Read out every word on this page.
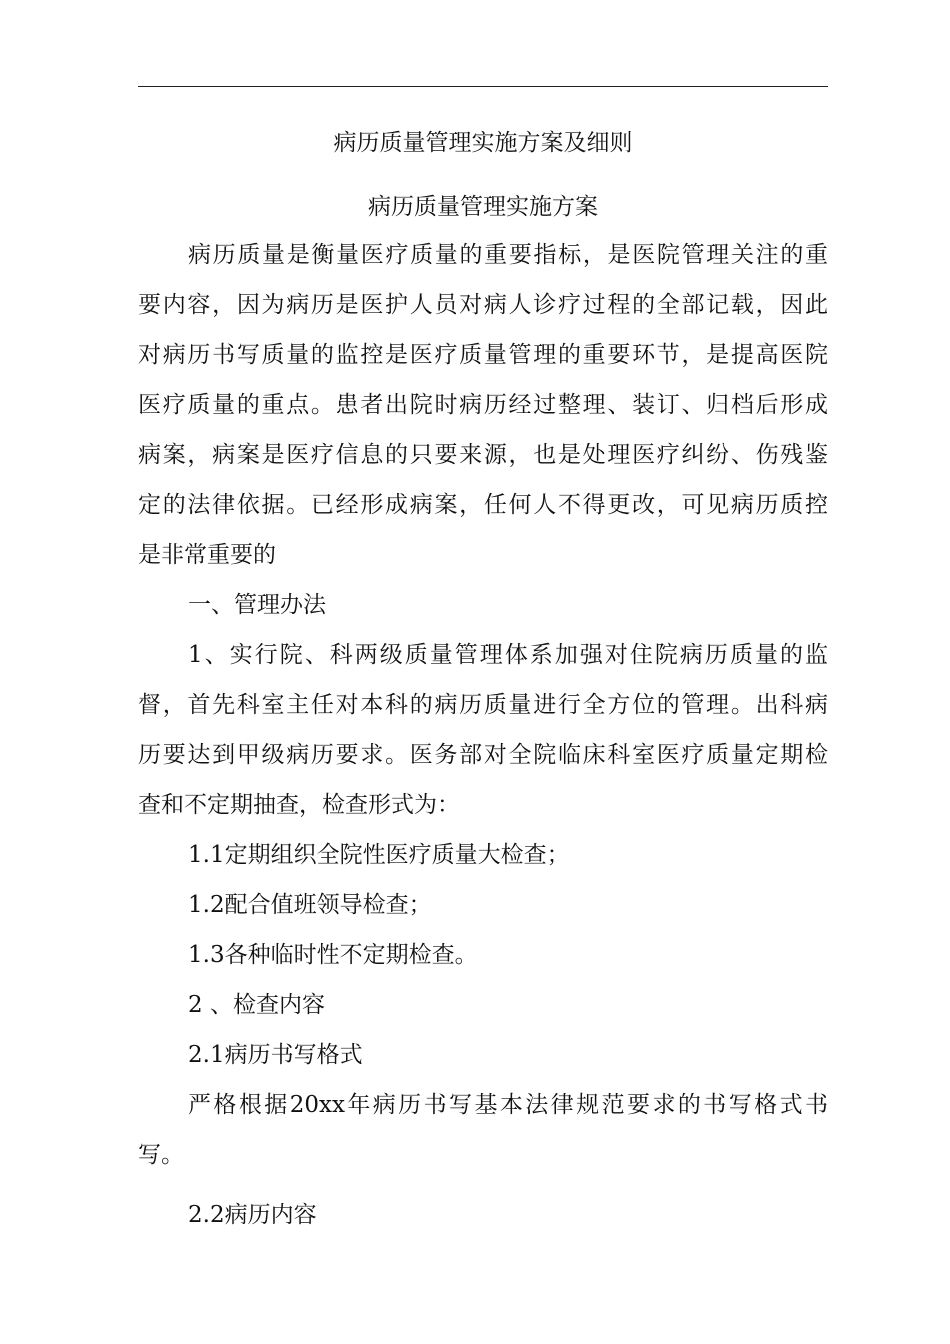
病历质量管理实施方案及细则
病历质量管理实施方案
病历质量是衡量医疗质量的重要指标，是医院管理关注的重
要内容，因为病历是医护人员对病人诊疗过程的全部记载，因此
对病历书写质量的监控是医疗质量管理的重要环节，是提高医院
医疗质量的重点。患者出院时病历经过整理、装订、归档后形成
病案，病案是医疗信息的只要来源，也是处理医疗纠纷、伤残鉴
定的法律依据。已经形成病案，任何人不得更改，可见病历质控
是非常重要的
一、管理办法
1、实行院、科两级质量管理体系加强对住院病历质量的监
督，首先科室主任对本科的病历质量进行全方位的管理。出科病
历要达到甲级病历要求。医务部对全院临床科室医疗质量定期检
查和不定期抽查，检查形式为：
1.1定期组织全院性医疗质量大检查；
1.2配合值班领导检查；
1.3各种临时性不定期检查。
2 、检查内容
2.1病历书写格式
严格根据20xx年病历书写基本法律规范要求的书写格式书
写。
2.2病历内容
